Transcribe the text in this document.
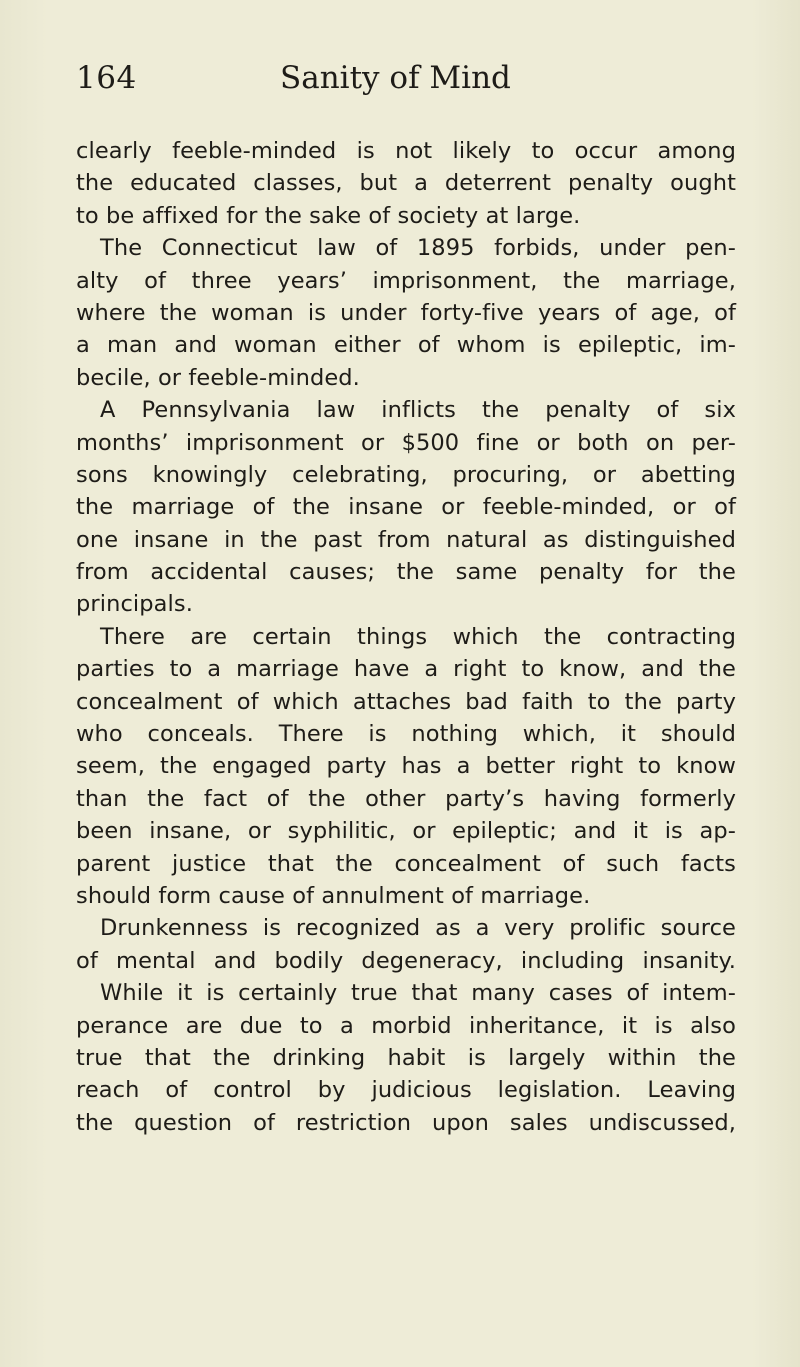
164	Sanity of Mind
clearly feeble-minded is not likely to occur among
the educated classes, but a deterrent penalty ought
to be affixed for the sake of society at large.
The Connecticut law of 1895 forbids, under pen-
alty of three years’ imprisonment, the marriage,
where the woman is under forty-five years of age, of
a man and woman either of whom is epileptic, im-
becile, or feeble-minded.
A Pennsylvania law inflicts the penalty of six
months’ imprisonment or $500 fine or both on per-
sons knowingly celebrating, procuring, or abetting
the marriage of the insane or feeble-minded, or of
one insane in the past from natural as distinguished
from accidental causes; the same penalty for the
principals.
There are certain things which the contracting
parties to a marriage have a right to know, and the
concealment of which attaches bad faith to the party
who conceals. There is nothing which, it should
seem, the engaged party has a better right to know
than the fact of the other party’s having formerly
been insane, or syphilitic, or epileptic; and it is ap-
parent justice that the concealment of such facts
should form cause of annulment of marriage.
Drunkenness is recognized as a very prolific source
of mental and bodily degeneracy, including insanity.
While it is certainly true that many cases of intem-
perance are due to a morbid inheritance, it is also
true that the drinking habit is largely within the
reach of control by judicious legislation. Leaving
the question of restriction upon sales undiscussed,
